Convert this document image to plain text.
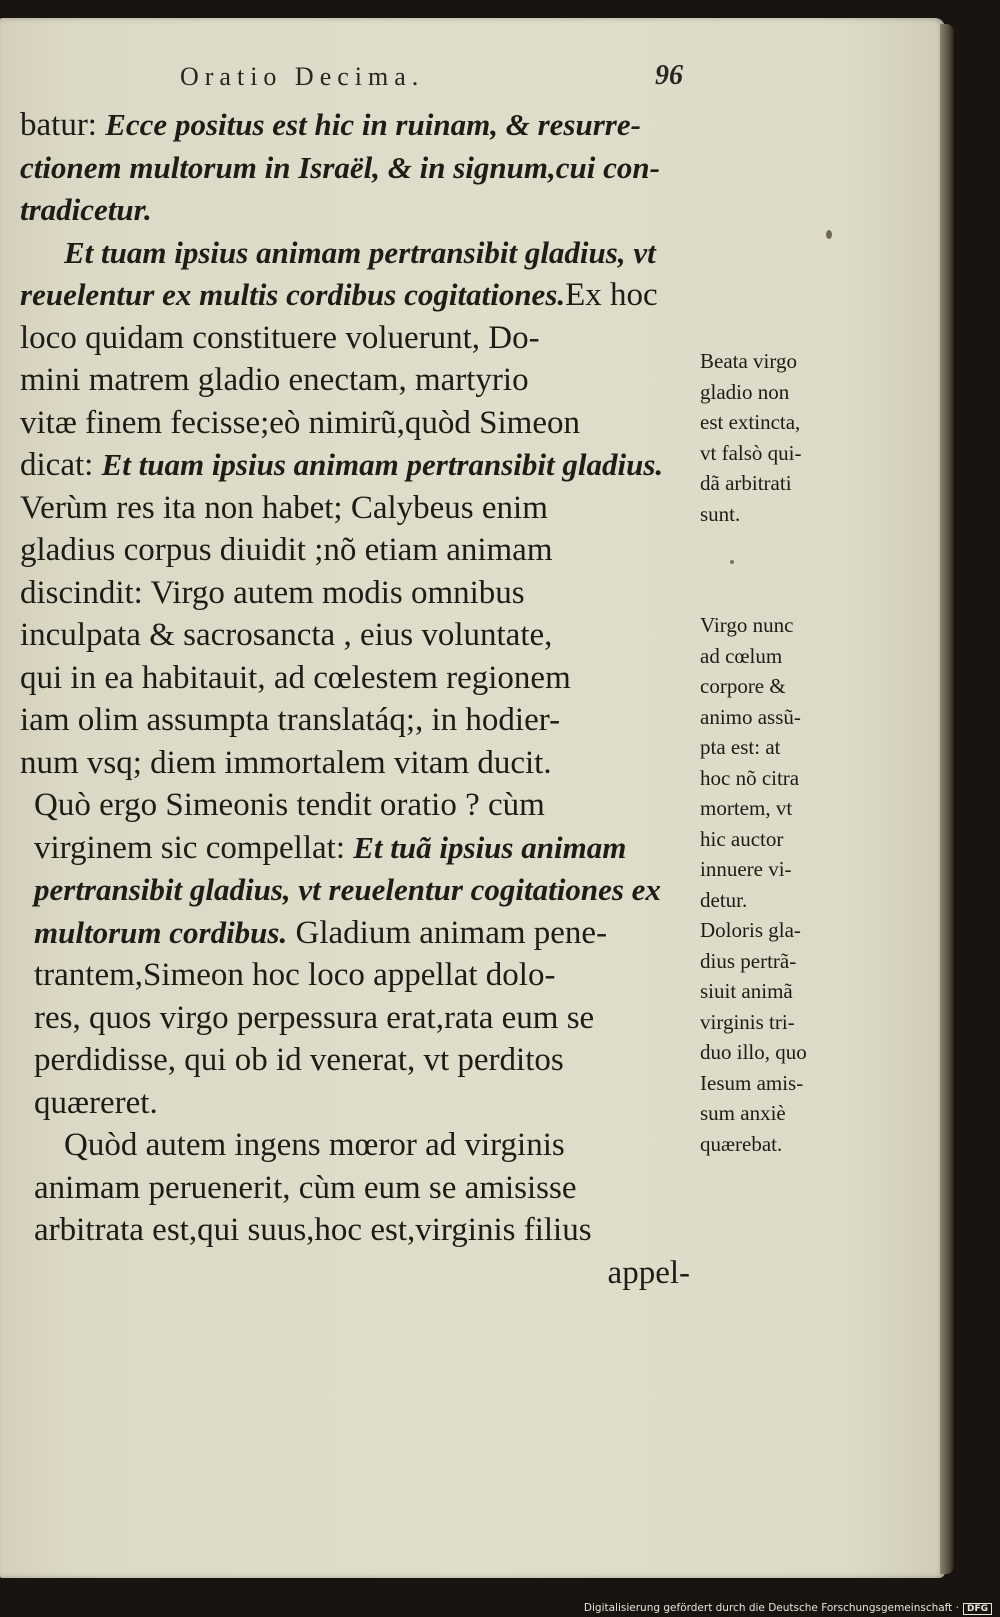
Oratio Decima.	96
batur: Ecce positus est hic in ruinam, & resurre-
ctionem multorum in Israël, & in signum,cui con-
tradicetur.
Et tuam ipsius animam pertransibit gladius, vt
reuelentur ex multis cordibus cogitationes.Ex hoc
loco quidam constituere voluerunt, Do-
mini matrem gladio enectam, martyrio
vitæ finem fecisse;eò nimirũ,quòd Simeon
dicat: Et tuam ipsius animam pertransibit gladius.
Verùm res ita non habet; Calybeus enim
gladius corpus diuidit ;nõ etiam animam
discindit: Virgo autem modis omnibus
inculpata & sacrosancta , eius voluntate,
qui in ea habitauit, ad cœlestem regionem
iam olim assumpta translatáq;, in hodier-
num vsq; diem immortalem vitam ducit.
Quò ergo Simeonis tendit oratio ? cùm
virginem sic compellat: Et tuã ipsius animam
pertransibit gladius, vt reuelentur cogitationes ex
multorum cordibus. Gladium animam pene-
trantem,Simeon hoc loco appellat dolo-
res, quos virgo perpessura erat,rata eum se
perdidisse, qui ob id venerat, vt perditos
quæreret.
Quòd autem ingens mœror ad virginis
animam peruenerit, cùm eum se amisisse
arbitrata est,qui suus,hoc est,virginis filius
appel-
Beata virgo
gladio non
est extincta,
vt falsò qui-
dã arbitrati
sunt.
Virgo nunc
ad cœlum
corpore &
animo assũ-
pta est: at
hoc nõ citra
mortem, vt
hic auctor
innuere vi-
detur.
Doloris gla-
dius pertrã-
siuit animã
virginis tri-
duo illo, quo
Iesum amis-
sum anxiè
quærebat.
Digitalisierung gefördert durch die Deutsche Forschungsgemeinschaft · DFG
